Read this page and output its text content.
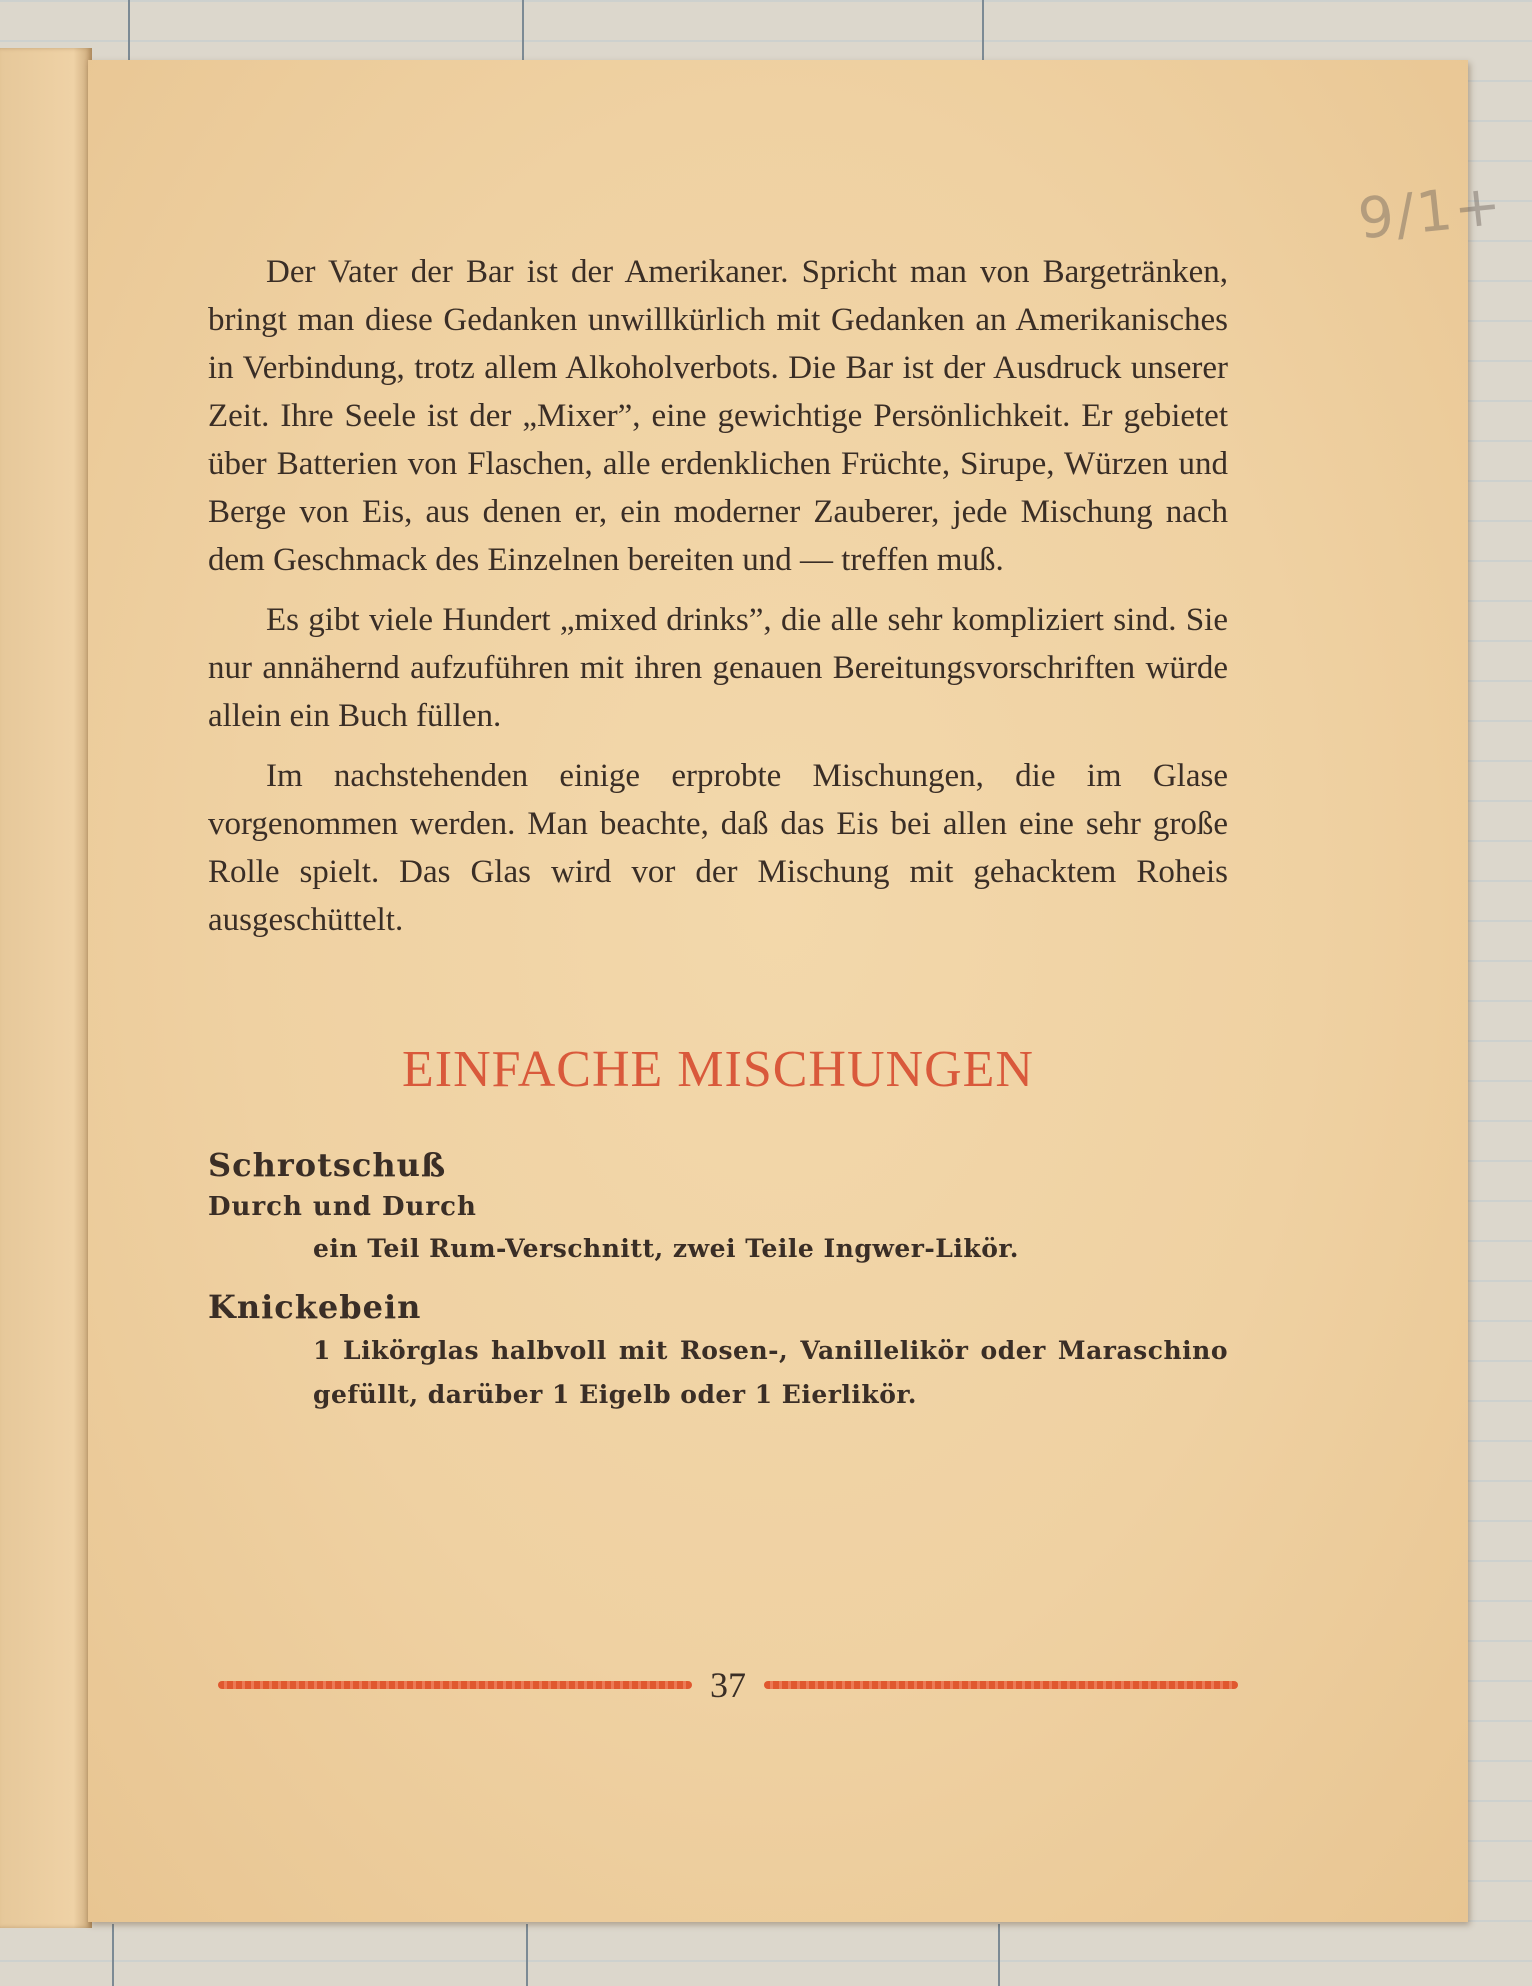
9/1+

Der Vater der Bar ist der Amerikaner. Spricht man von Bargetränken, bringt man diese Gedanken unwillkürlich mit Gedanken an Amerikanisches in Verbindung, trotz allem Alkoholverbots. Die Bar ist der Ausdruck unserer Zeit. Ihre Seele ist der „Mixer”, eine gewichtige Persönlichkeit. Er gebietet über Batterien von Flaschen, alle erdenklichen Früchte, Sirupe, Würzen und Berge von Eis, aus denen er, ein moderner Zauberer, jede Mischung nach dem Geschmack des Einzelnen bereiten und — treffen muß.

Es gibt viele Hundert „mixed drinks”, die alle sehr kompliziert sind. Sie nur annähernd aufzuführen mit ihren genauen Bereitungsvorschriften würde allein ein Buch füllen.

Im nachstehenden einige erprobte Mischungen, die im Glase vorgenommen werden. Man beachte, daß das Eis bei allen eine sehr große Rolle spielt. Das Glas wird vor der Mischung mit gehacktem Roheis ausgeschüttelt.

EINFACHE MISCHUNGEN

Schrotschuß

Durch und Durch

ein Teil Rum-Verschnitt, zwei Teile Ingwer-Likör.

Knickebein

1 Likörglas halbvoll mit Rosen-, Vanillelikör oder Maraschino gefüllt, darüber 1 Eigelb oder 1 Eierlikör.

37
